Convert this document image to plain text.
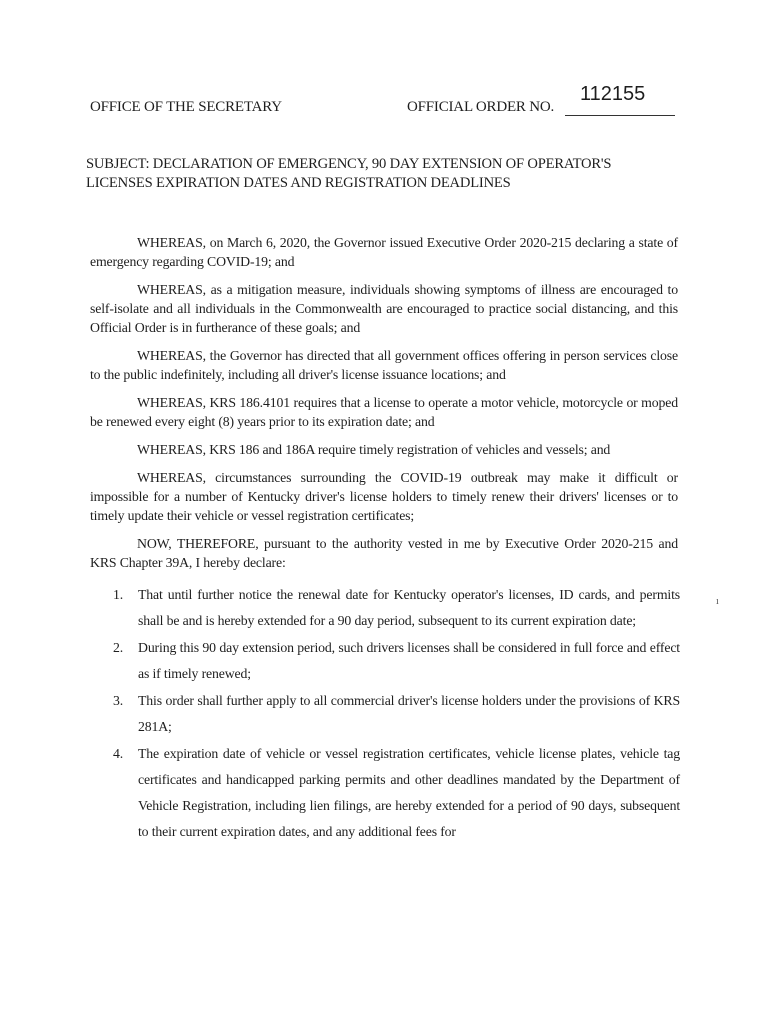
OFFICE OF THE SECRETARY	OFFICIAL ORDER NO.
112155
SUBJECT: DECLARATION OF EMERGENCY, 90 DAY EXTENSION OF OPERATOR'S LICENSES EXPIRATION DATES AND REGISTRATION DEADLINES

WHEREAS, on March 6, 2020, the Governor issued Executive Order 2020-215 declaring a state of emergency regarding COVID-19; and

WHEREAS, as a mitigation measure, individuals showing symptoms of illness are encouraged to self-isolate and all individuals in the Commonwealth are encouraged to practice social distancing, and this Official Order is in furtherance of these goals; and

WHEREAS, the Governor has directed that all government offices offering in person services close to the public indefinitely, including all driver's license issuance locations; and

WHEREAS, KRS 186.4101 requires that a license to operate a motor vehicle, motorcycle or moped be renewed every eight (8) years prior to its expiration date; and

WHEREAS, KRS 186 and 186A require timely registration of vehicles and vessels; and

WHEREAS, circumstances surrounding the COVID-19 outbreak may make it difficult or impossible for a number of Kentucky driver's license holders to timely renew their drivers' licenses or to timely update their vehicle or vessel registration certificates;

NOW, THEREFORE, pursuant to the authority vested in me by Executive Order 2020-215 and KRS Chapter 39A, I hereby declare:

1. That until further notice the renewal date for Kentucky operator's licenses, ID cards, and permits shall be and is hereby extended for a 90 day period, subsequent to its current expiration date;
2. During this 90 day extension period, such drivers licenses shall be considered in full force and effect as if timely renewed;
3. This order shall further apply to all commercial driver's license holders under the provisions of KRS 281A;
4. The expiration date of vehicle or vessel registration certificates, vehicle license plates, vehicle tag certificates and handicapped parking permits and other deadlines mandated by the Department of Vehicle Registration, including lien filings, are hereby extended for a period of 90 days, subsequent to their current expiration dates, and any additional fees for
ı
